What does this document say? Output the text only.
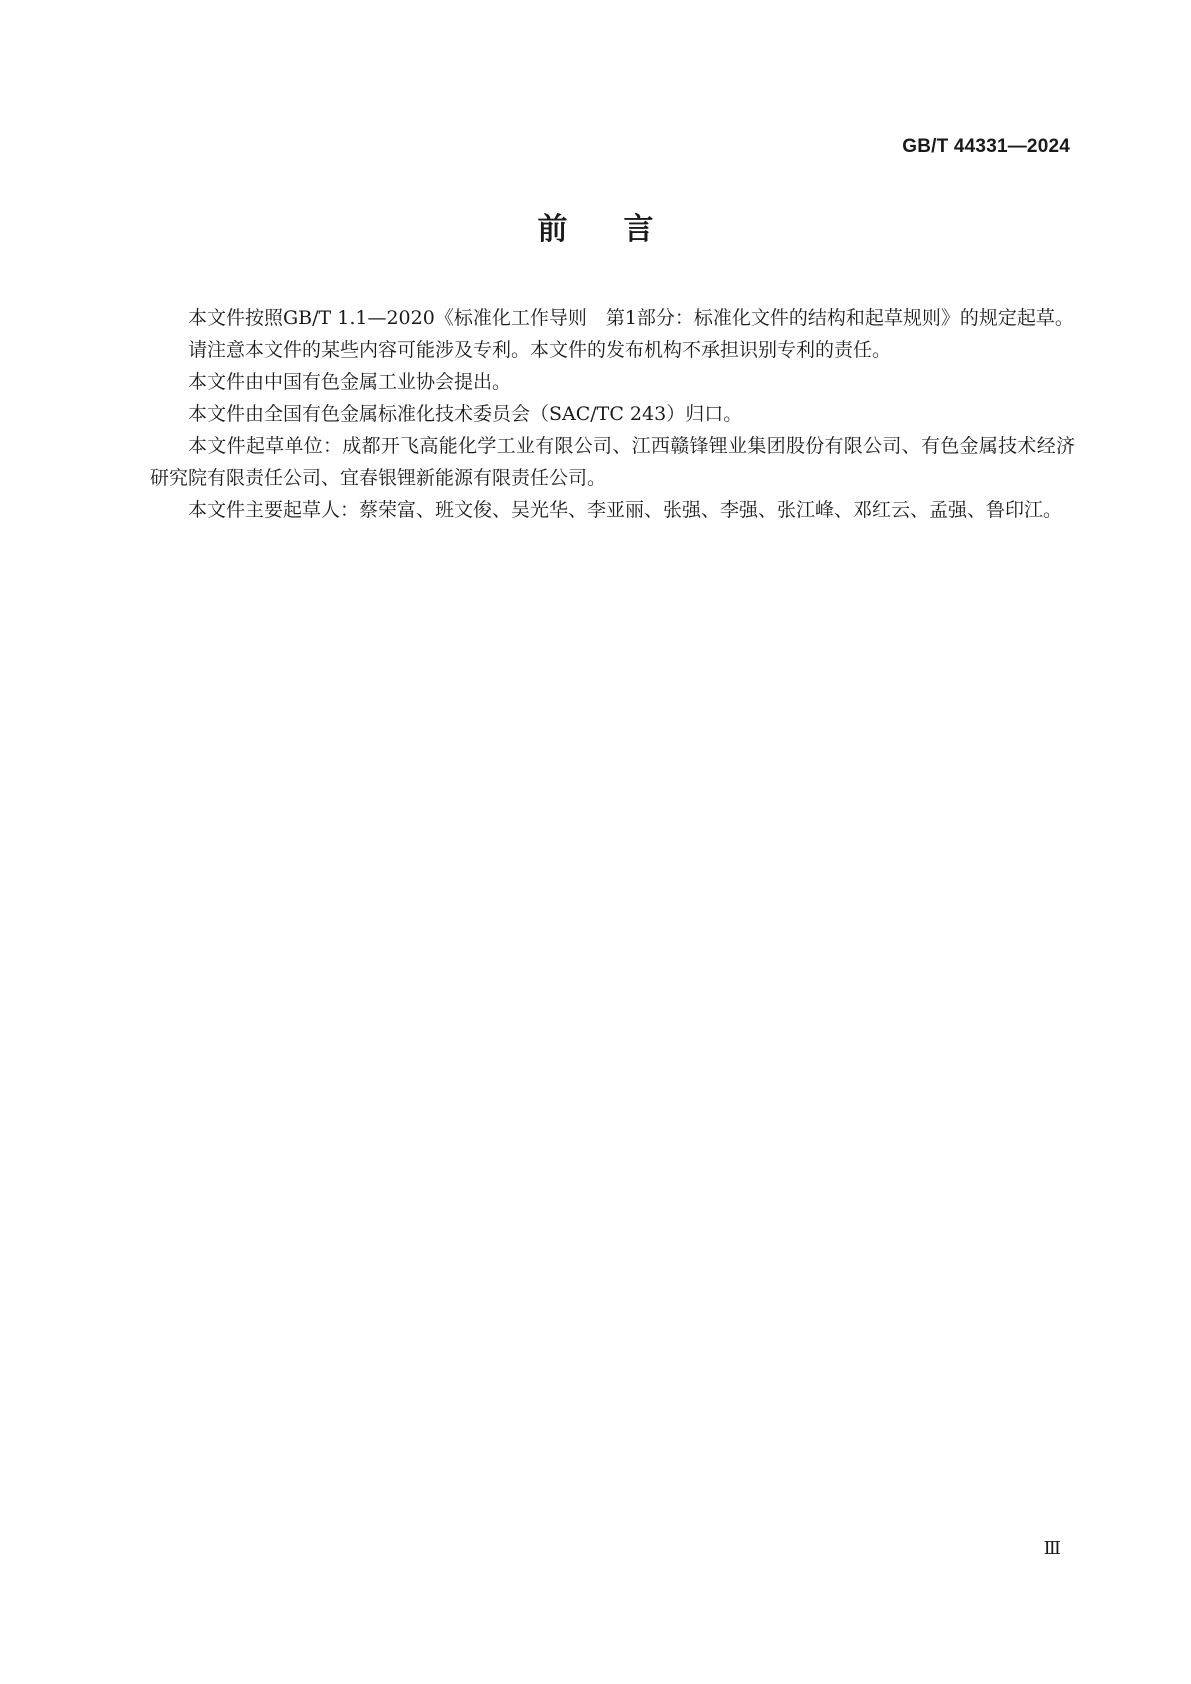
GB/T 44331—2024
前言

本文件按照GB/T 1.1—2020《标准化工作导则　第1部分：标准化文件的结构和起草规则》的规定起草。

请注意本文件的某些内容可能涉及专利。本文件的发布机构不承担识别专利的责任。

本文件由中国有色金属工业协会提出。

本文件由全国有色金属标准化技术委员会（SAC/TC 243）归口。

本文件起草单位：成都开飞高能化学工业有限公司、江西赣锋锂业集团股份有限公司、有色金属技术经济研究院有限责任公司、宜春银锂新能源有限责任公司。

本文件主要起草人：蔡荣富、班文俊、吴光华、李亚丽、张强、李强、张江峰、邓红云、孟强、鲁印江。

Ⅲ
